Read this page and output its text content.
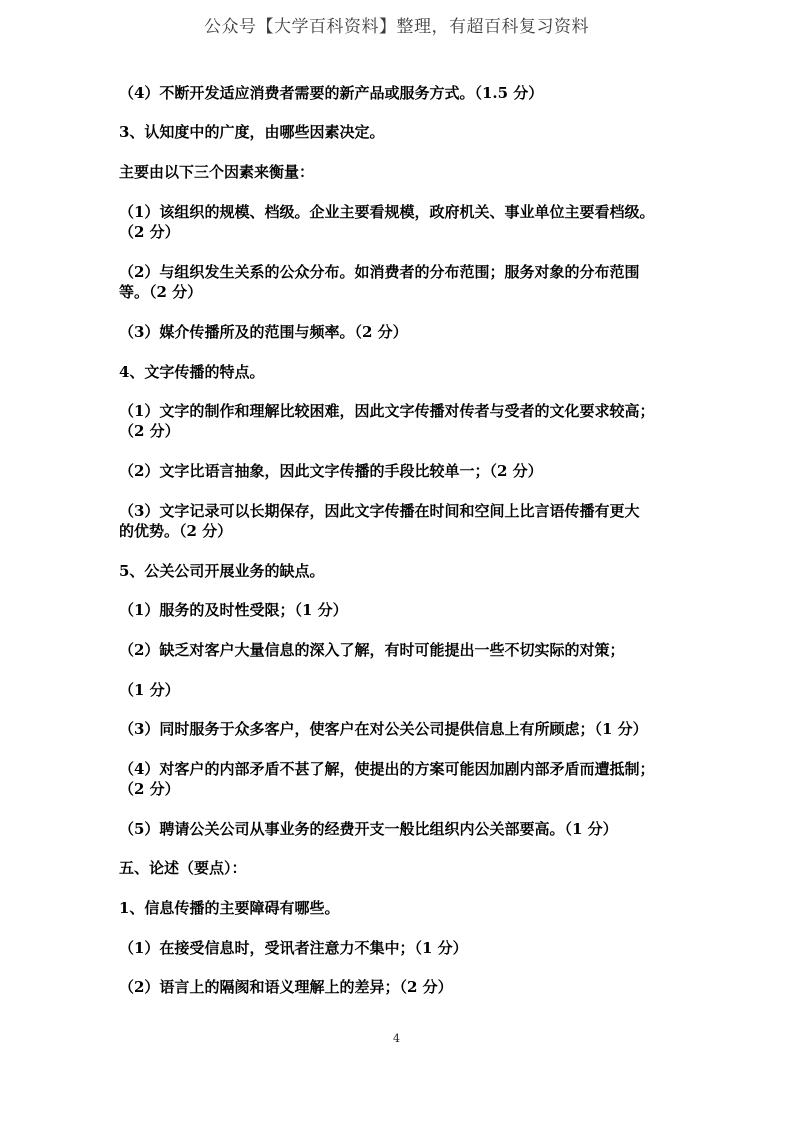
公众号【大学百科资料】整理，有超百科复习资料
（4）不断开发适应消费者需要的新产品或服务方式。（1.5 分）
3、认知度中的广度，由哪些因素决定。
主要由以下三个因素来衡量：
（1）该组织的规模、档级。企业主要看规模，政府机关、事业单位主要看档级。
（2 分）
（2）与组织发生关系的公众分布。如消费者的分布范围；服务对象的分布范围
等。（2 分）
（3）媒介传播所及的范围与频率。（2 分）
4、文字传播的特点。
（1）文字的制作和理解比较困难，因此文字传播对传者与受者的文化要求较高；
（2 分）
（2）文字比语言抽象，因此文字传播的手段比较单一；（2 分）
（3）文字记录可以长期保存，因此文字传播在时间和空间上比言语传播有更大
的优势。（2 分）
5、公关公司开展业务的缺点。
（1）服务的及时性受限；（1 分）
（2）缺乏对客户大量信息的深入了解，有时可能提出一些不切实际的对策；
（1 分）
（3）同时服务于众多客户，使客户在对公关公司提供信息上有所顾虑；（1 分）
（4）对客户的内部矛盾不甚了解，使提出的方案可能因加剧内部矛盾而遭抵制；
（2 分）
（5）聘请公关公司从事业务的经费开支一般比组织内公关部要高。（1 分）
五、论述（要点）：
1、信息传播的主要障碍有哪些。
（1）在接受信息时，受讯者注意力不集中；（1 分）
（2）语言上的隔阂和语义理解上的差异；（2 分）
4
